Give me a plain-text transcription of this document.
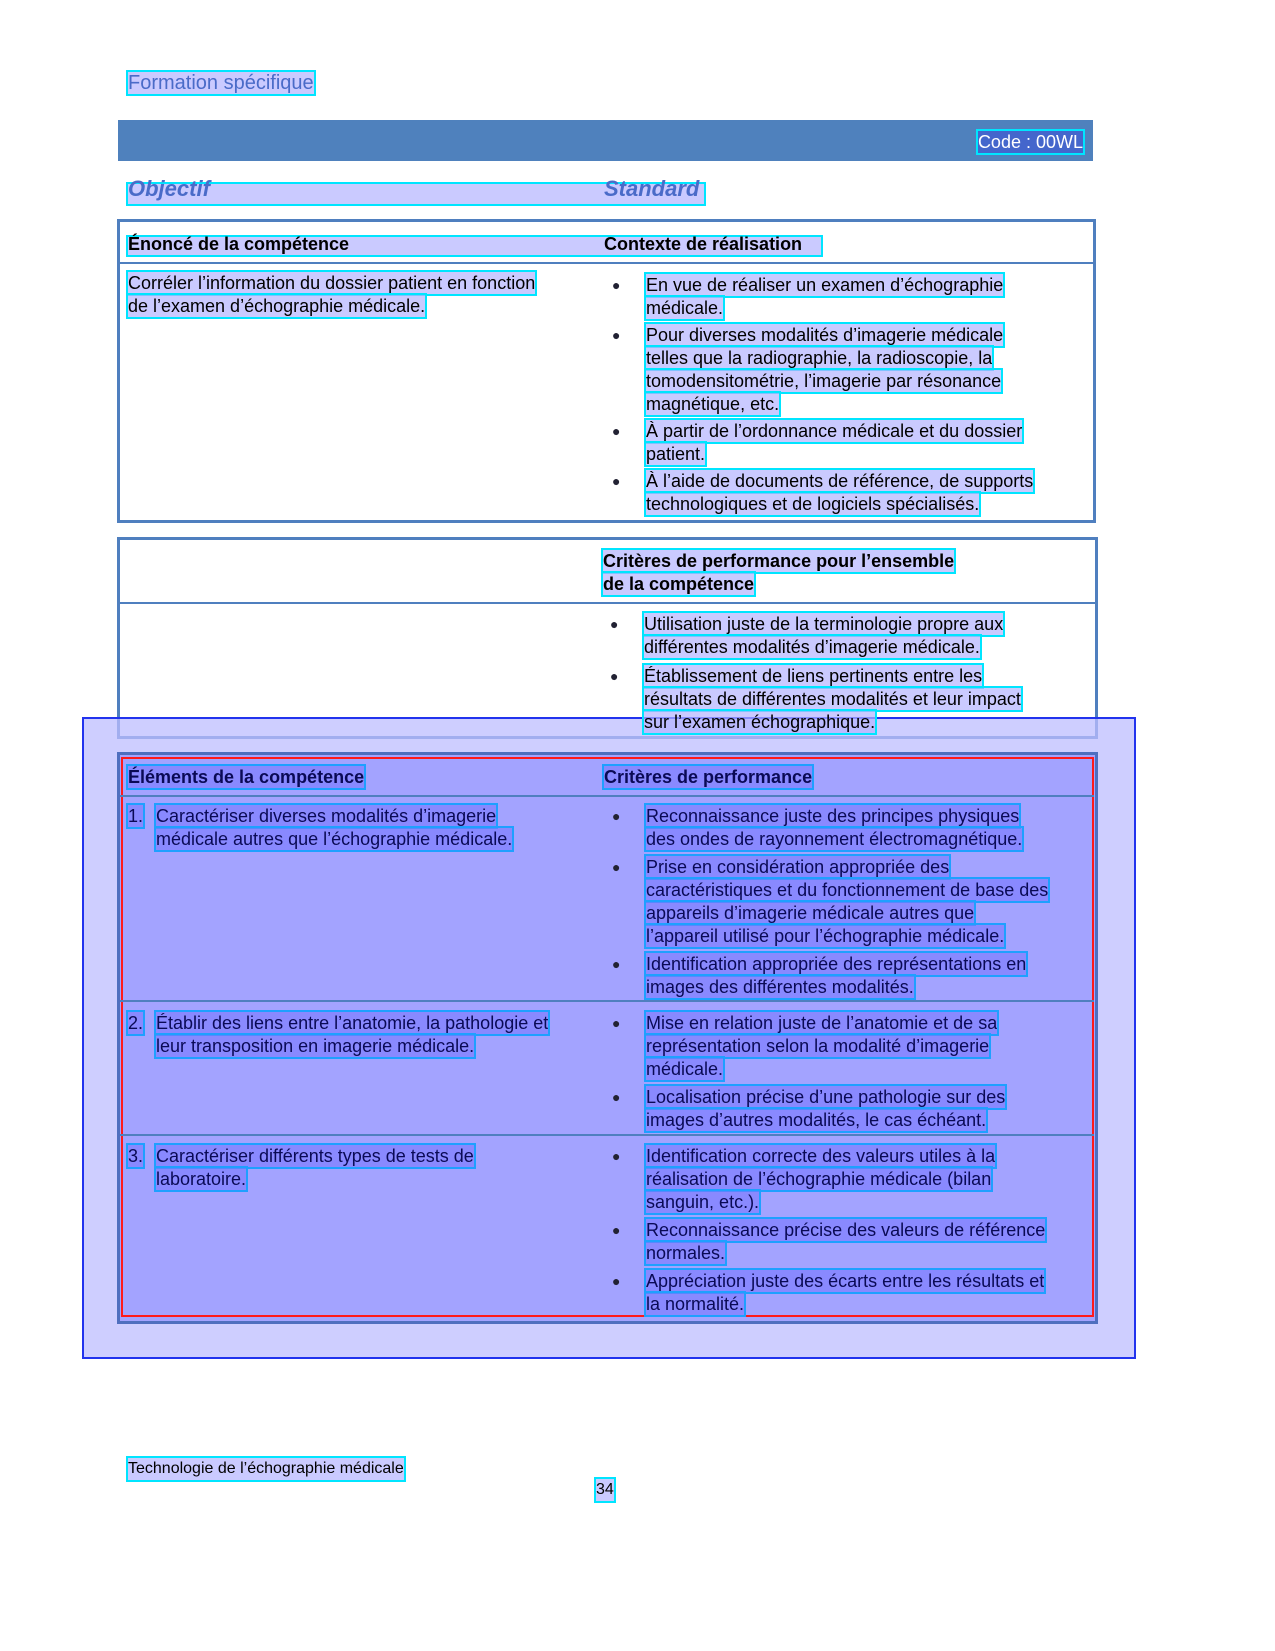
Formation spécifique
Code : 00WL
Objectif	Standard
Énoncé de la compétence	Contexte de réalisation
Corréler l’information du dossier patient en fonction
de l’examen d’échographie médicale.
● En vue de réaliser un examen d’échographie
médicale.
● Pour diverses modalités d’imagerie médicale
telles que la radiographie, la radioscopie, la
tomodensitométrie, l’imagerie par résonance
magnétique, etc.
● À partir de l’ordonnance médicale et du dossier
patient.
● À l’aide de documents de référence, de supports
technologiques et de logiciels spécialisés.
Éléments de la compétence	Critères de performance
1. Caractériser diverses modalités d’imagerie
médicale autres que l’échographie médicale.
● Reconnaissance juste des principes physiques
des ondes de rayonnement électromagnétique.
● Prise en considération appropriée des
caractéristiques et du fonctionnement de base des
appareils d’imagerie médicale autres que
l’appareil utilisé pour l’échographie médicale.
● Identification appropriée des représentations en
images des différentes modalités.
2. Établir des liens entre l’anatomie, la pathologie et
leur transposition en imagerie médicale.
● Mise en relation juste de l’anatomie et de sa
représentation selon la modalité d’imagerie
médicale.
● Localisation précise d’une pathologie sur des
images d’autres modalités, le cas échéant.
3. Caractériser différents types de tests de
laboratoire.
● Identification correcte des valeurs utiles à la
réalisation de l’échographie médicale (bilan
sanguin, etc.).
● Reconnaissance précise des valeurs de référence
normales.
● Appréciation juste des écarts entre les résultats et
la normalité.
Critères de performance pour l’ensemble
de la compétence
● Utilisation juste de la terminologie propre aux
différentes modalités d’imagerie médicale.
● Établissement de liens pertinents entre les
résultats de différentes modalités et leur impact
sur l’examen échographique.
Technologie de l’échographie médicale
34
